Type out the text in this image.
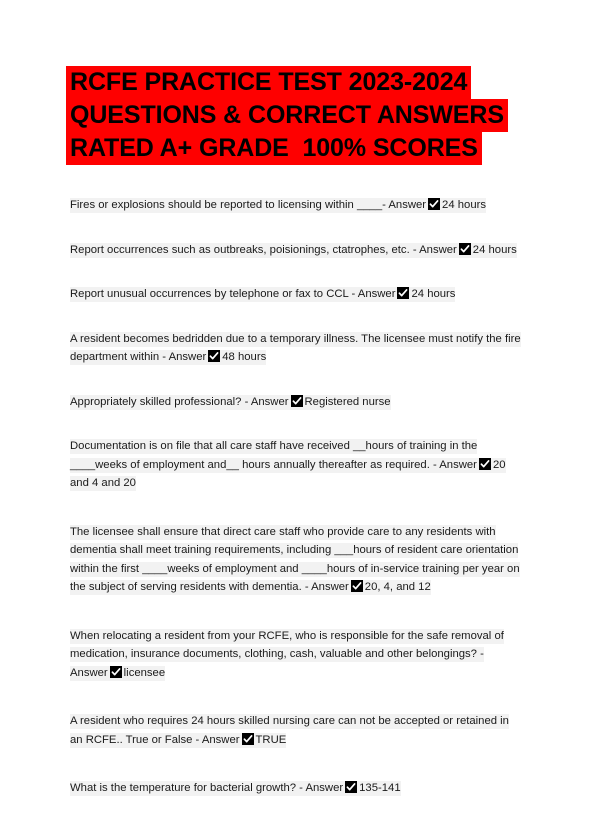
RCFE PRACTICE TEST 2023-2024
QUESTIONS & CORRECT ANSWERS
RATED A+ GRADE  100% SCORES
Fires or explosions should be reported to licensing within ____- Answer 24 hours
Report occurrences such as outbreaks, poisionings, ctatrophes, etc. - Answer 24 hours
Report unusual occurrences by telephone or fax to CCL - Answer 24 hours
A resident becomes bedridden due to a temporary illness. The licensee must notify the fire department within - Answer 48 hours
Appropriately skilled professional? - Answer Registered nurse
Documentation is on file that all care staff have received __hours of training in the ____weeks of employment and__ hours annually thereafter as required. - Answer 20 and 4 and 20
The licensee shall ensure that direct care staff who provide care to any residents with dementia shall meet training requirements, including ___hours of resident care orientation within the first ____weeks of employment and ____hours of in-service training per year on the subject of serving residents with dementia. - Answer 20, 4, and 12
When relocating a resident from your RCFE, who is responsible for the safe removal of medication, insurance documents, clothing, cash, valuable and other belongings? - Answer licensee
A resident who requires 24 hours skilled nursing care can not be accepted or retained in an RCFE.. True or False - Answer TRUE
What is the temperature for bacterial growth? - Answer 135-141
